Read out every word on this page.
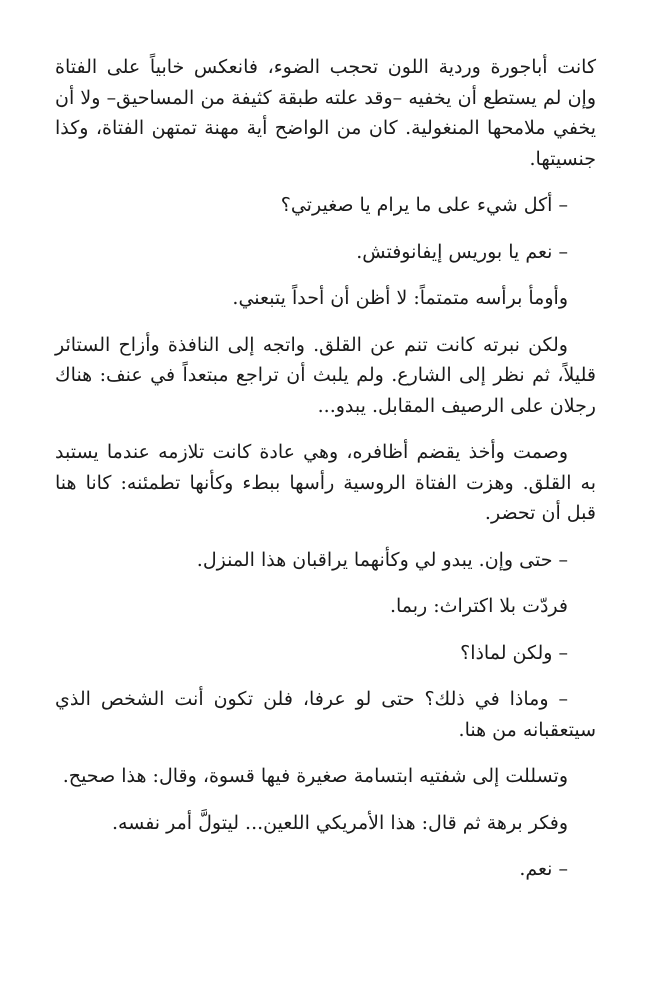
كانت أباجورة وردية اللون تحجب الضوء، فانعكس خابياً على الفتاة وإن لم يستطع أن يخفيه –وقد علته طبقة كثيفة من المساحيق– ولا أن يخفي ملامحها المنغولية. كان من الواضح أية مهنة تمتهن الفتاة، وكذا جنسيتها.

– أكل شيء على ما يرام يا صغيرتي؟

– نعم يا بوريس إيفانوفتش.

وأومأ برأسه متمتماً: لا أظن أن أحداً يتبعني.

ولكن نبرته كانت تنم عن القلق. واتجه إلى النافذة وأزاح الستائر قليلاً، ثم نظر إلى الشارع. ولم يلبث أن تراجع مبتعداً في عنف: هناك رجلان على الرصيف المقابل. يبدو...

وصمت وأخذ يقضم أظافره، وهي عادة كانت تلازمه عندما يستبد به القلق. وهزت الفتاة الروسية رأسها ببطء وكأنها تطمئنه: كانا هنا قبل أن تحضر.

– حتى وإن. يبدو لي وكأنهما يراقبان هذا المنزل.

فردّت بلا اكتراث: ربما.

– ولكن لماذا؟

– وماذا في ذلك؟ حتى لو عرفا، فلن تكون أنت الشخص الذي سيتعقبانه من هنا.

وتسللت إلى شفتيه ابتسامة صغيرة فيها قسوة، وقال: هذا صحيح.

وفكر برهة ثم قال: هذا الأمريكي اللعين... ليتولَّ أمر نفسه.

– نعم.
